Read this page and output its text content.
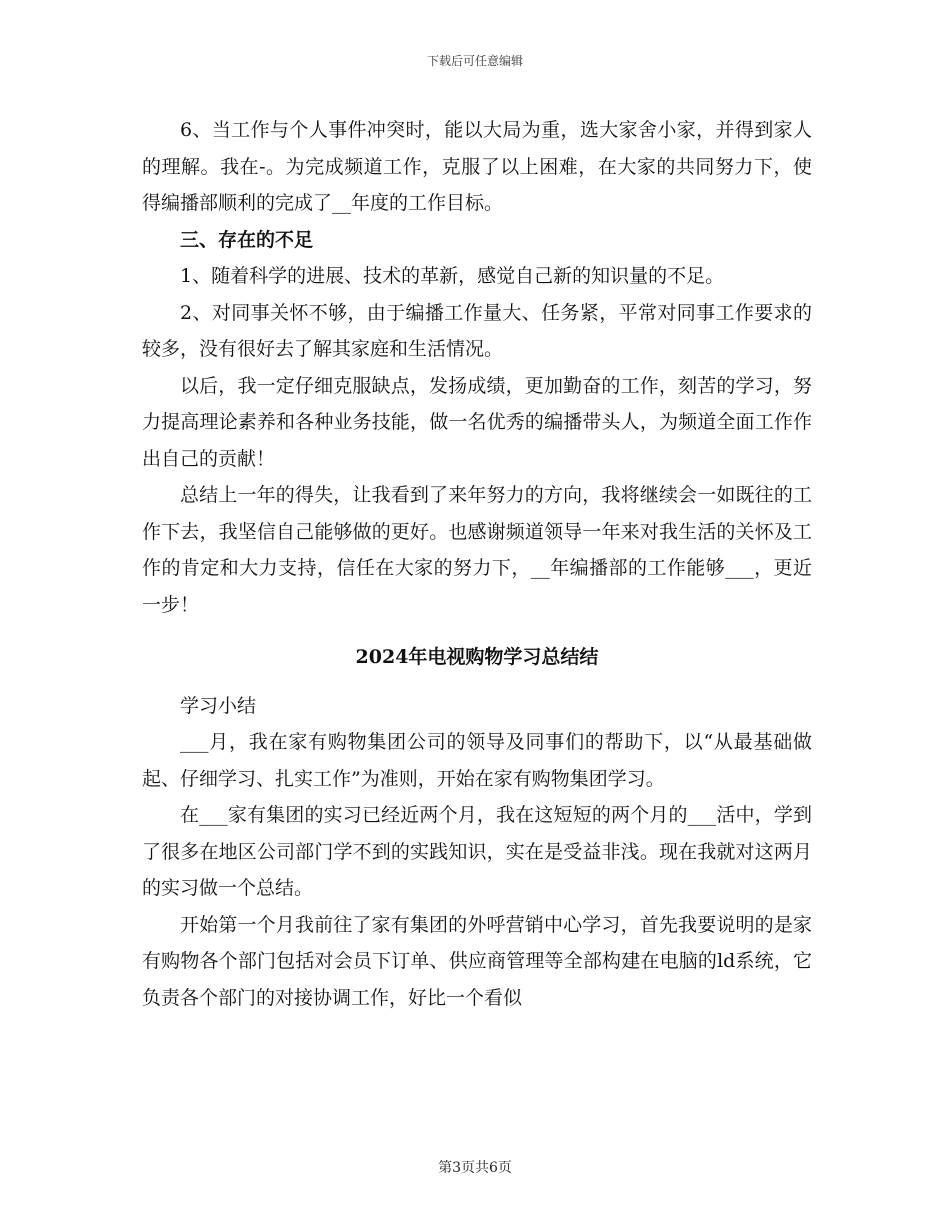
下载后可任意编辑

6、当工作与个人事件冲突时，能以大局为重，选大家舍小家，并得到家人的理解。我在-。为完成频道工作，克服了以上困难，在大家的共同努力下，使得编播部顺利的完成了__年度的工作目标。

三、存在的不足

1、随着科学的进展、技术的革新，感觉自己新的知识量的不足。

2、对同事关怀不够，由于编播工作量大、任务紧，平常对同事工作要求的较多，没有很好去了解其家庭和生活情况。

以后，我一定仔细克服缺点，发扬成绩，更加勤奋的工作，刻苦的学习，努力提高理论素养和各种业务技能，做一名优秀的编播带头人，为频道全面工作作出自己的贡献！

总结上一年的得失，让我看到了来年努力的方向，我将继续会一如既往的工作下去，我坚信自己能够做的更好。也感谢频道领导一年来对我生活的关怀及工作的肯定和大力支持，信任在大家的努力下，__年编播部的工作能够___，更近一步！

2024年电视购物学习总结结

学习小结

___月，我在家有购物集团公司的领导及同事们的帮助下，以“从最基础做起、仔细学习、扎实工作”为准则，开始在家有购物集团学习。

在___家有集团的实习已经近两个月，我在这短短的两个月的___活中，学到了很多在地区公司部门学不到的实践知识，实在是受益非浅。现在我就对这两月的实习做一个总结。

开始第一个月我前往了家有集团的外呼营销中心学习，首先我要说明的是家有购物各个部门包括对会员下订单、供应商管理等全部构建在电脑的ld系统，它负责各个部门的对接协调工作，好比一个看似

第3页共6页
